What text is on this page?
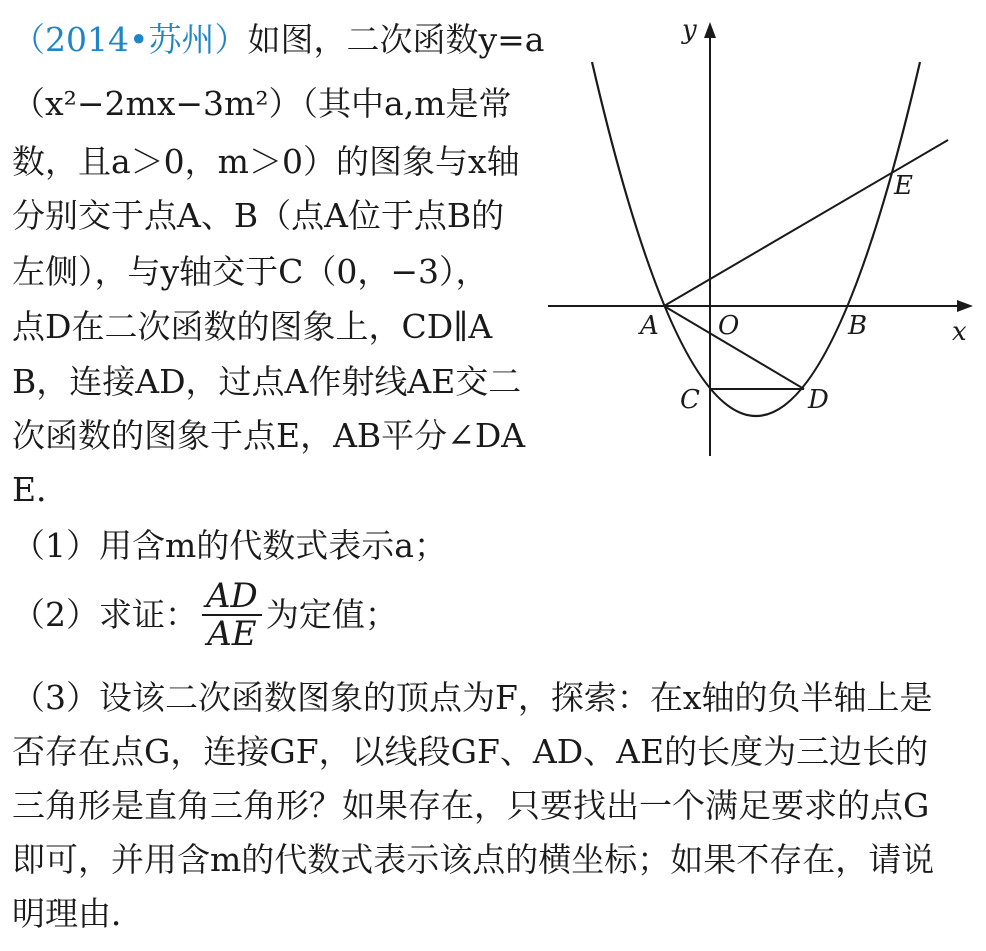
（2014•苏州）如图，二次函数y=a
（x²−2mx−3m²）（其中a,m是常
数，且a＞0，m＞0）的图象与x轴
分别交于点A、B（点A位于点B的
左侧），与y轴交于C（0，−3），
点D在二次函数的图象上，CD∥A
B，连接AD，过点A作射线AE交二
次函数的图象于点E，AB平分∠DA
E．
（1）用含m的代数式表示a；
（2）求证： $\frac{AD}{AE}$ 为定值；
（3）设该二次函数图象的顶点为F，探索：在x轴的负半轴上是
否存在点G，连接GF，以线段GF、AD、AE的长度为三边长的
三角形是直角三角形？如果存在，只要找出一个满足要求的点G
即可，并用含m的代数式表示该点的横坐标；如果不存在，请说
明理由．
y
x
O
A	B
C	D
E
